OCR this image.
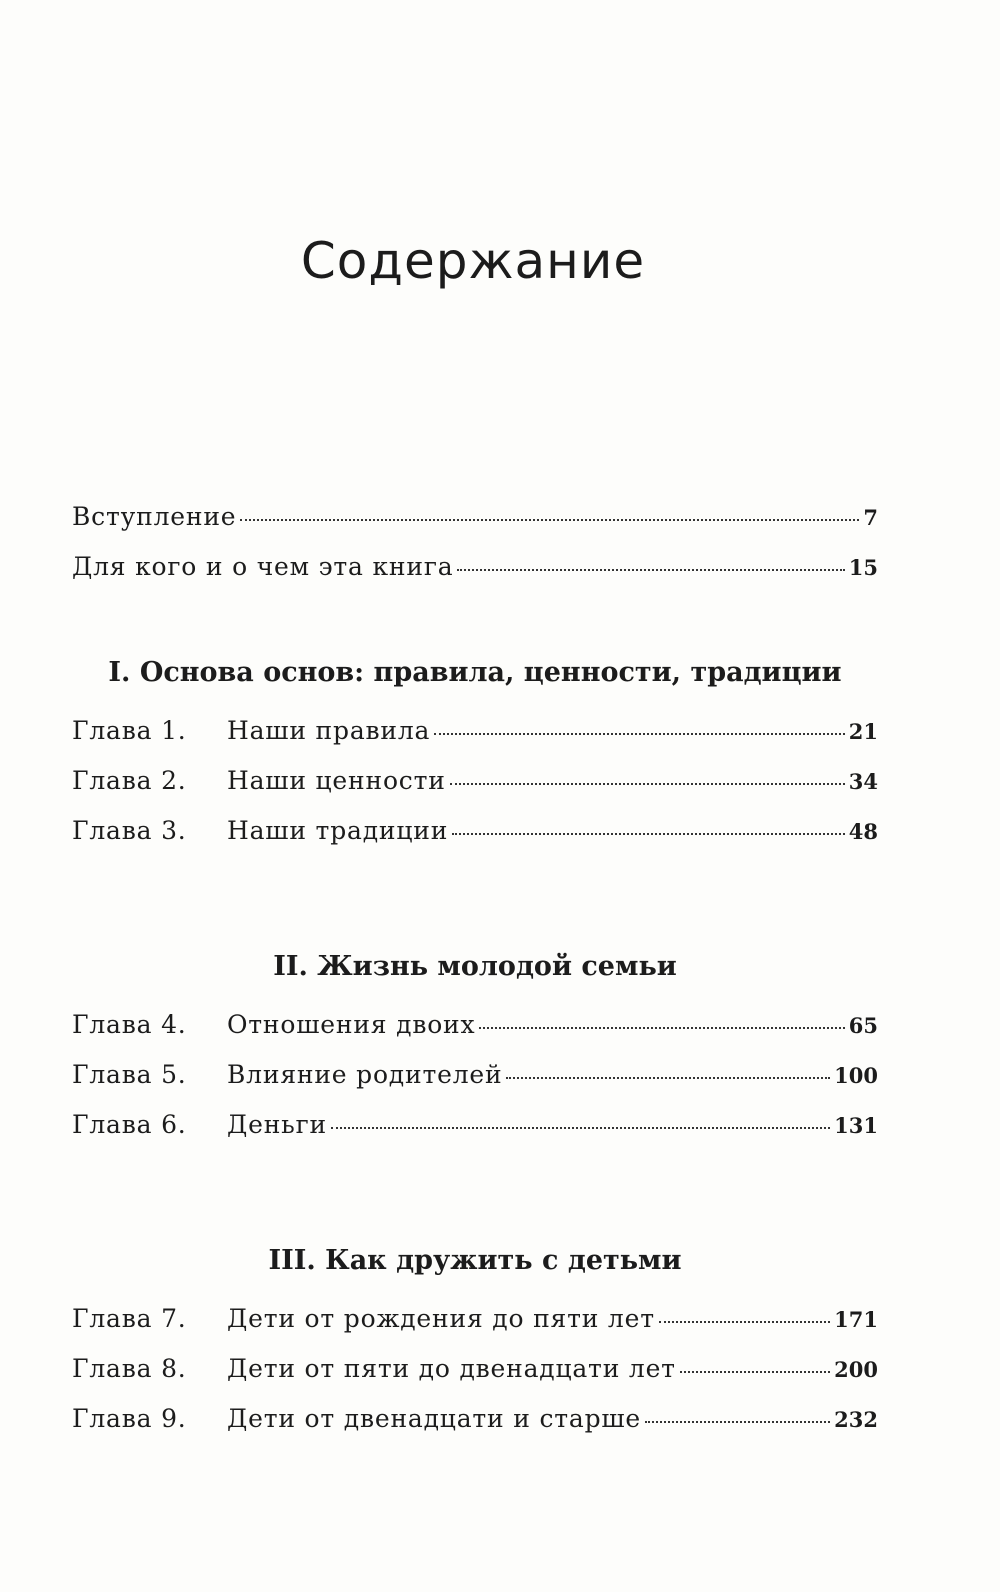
Содержание
Вступление	7
Для кого и о чем эта книга	15
I. Основа основ: правила, ценности, традиции
Глава 1.	Наши правила	21
Глава 2.	Наши ценности	34
Глава 3.	Наши традиции	48
II. Жизнь молодой семьи
Глава 4.	Отношения двоих	65
Глава 5.	Влияние родителей	100
Глава 6.	Деньги	131
III. Как дружить с детьми
Глава 7.	Дети от рождения до пяти лет	171
Глава 8.	Дети от пяти до двенадцати лет	200
Глава 9.	Дети от двенадцати и старше	232
